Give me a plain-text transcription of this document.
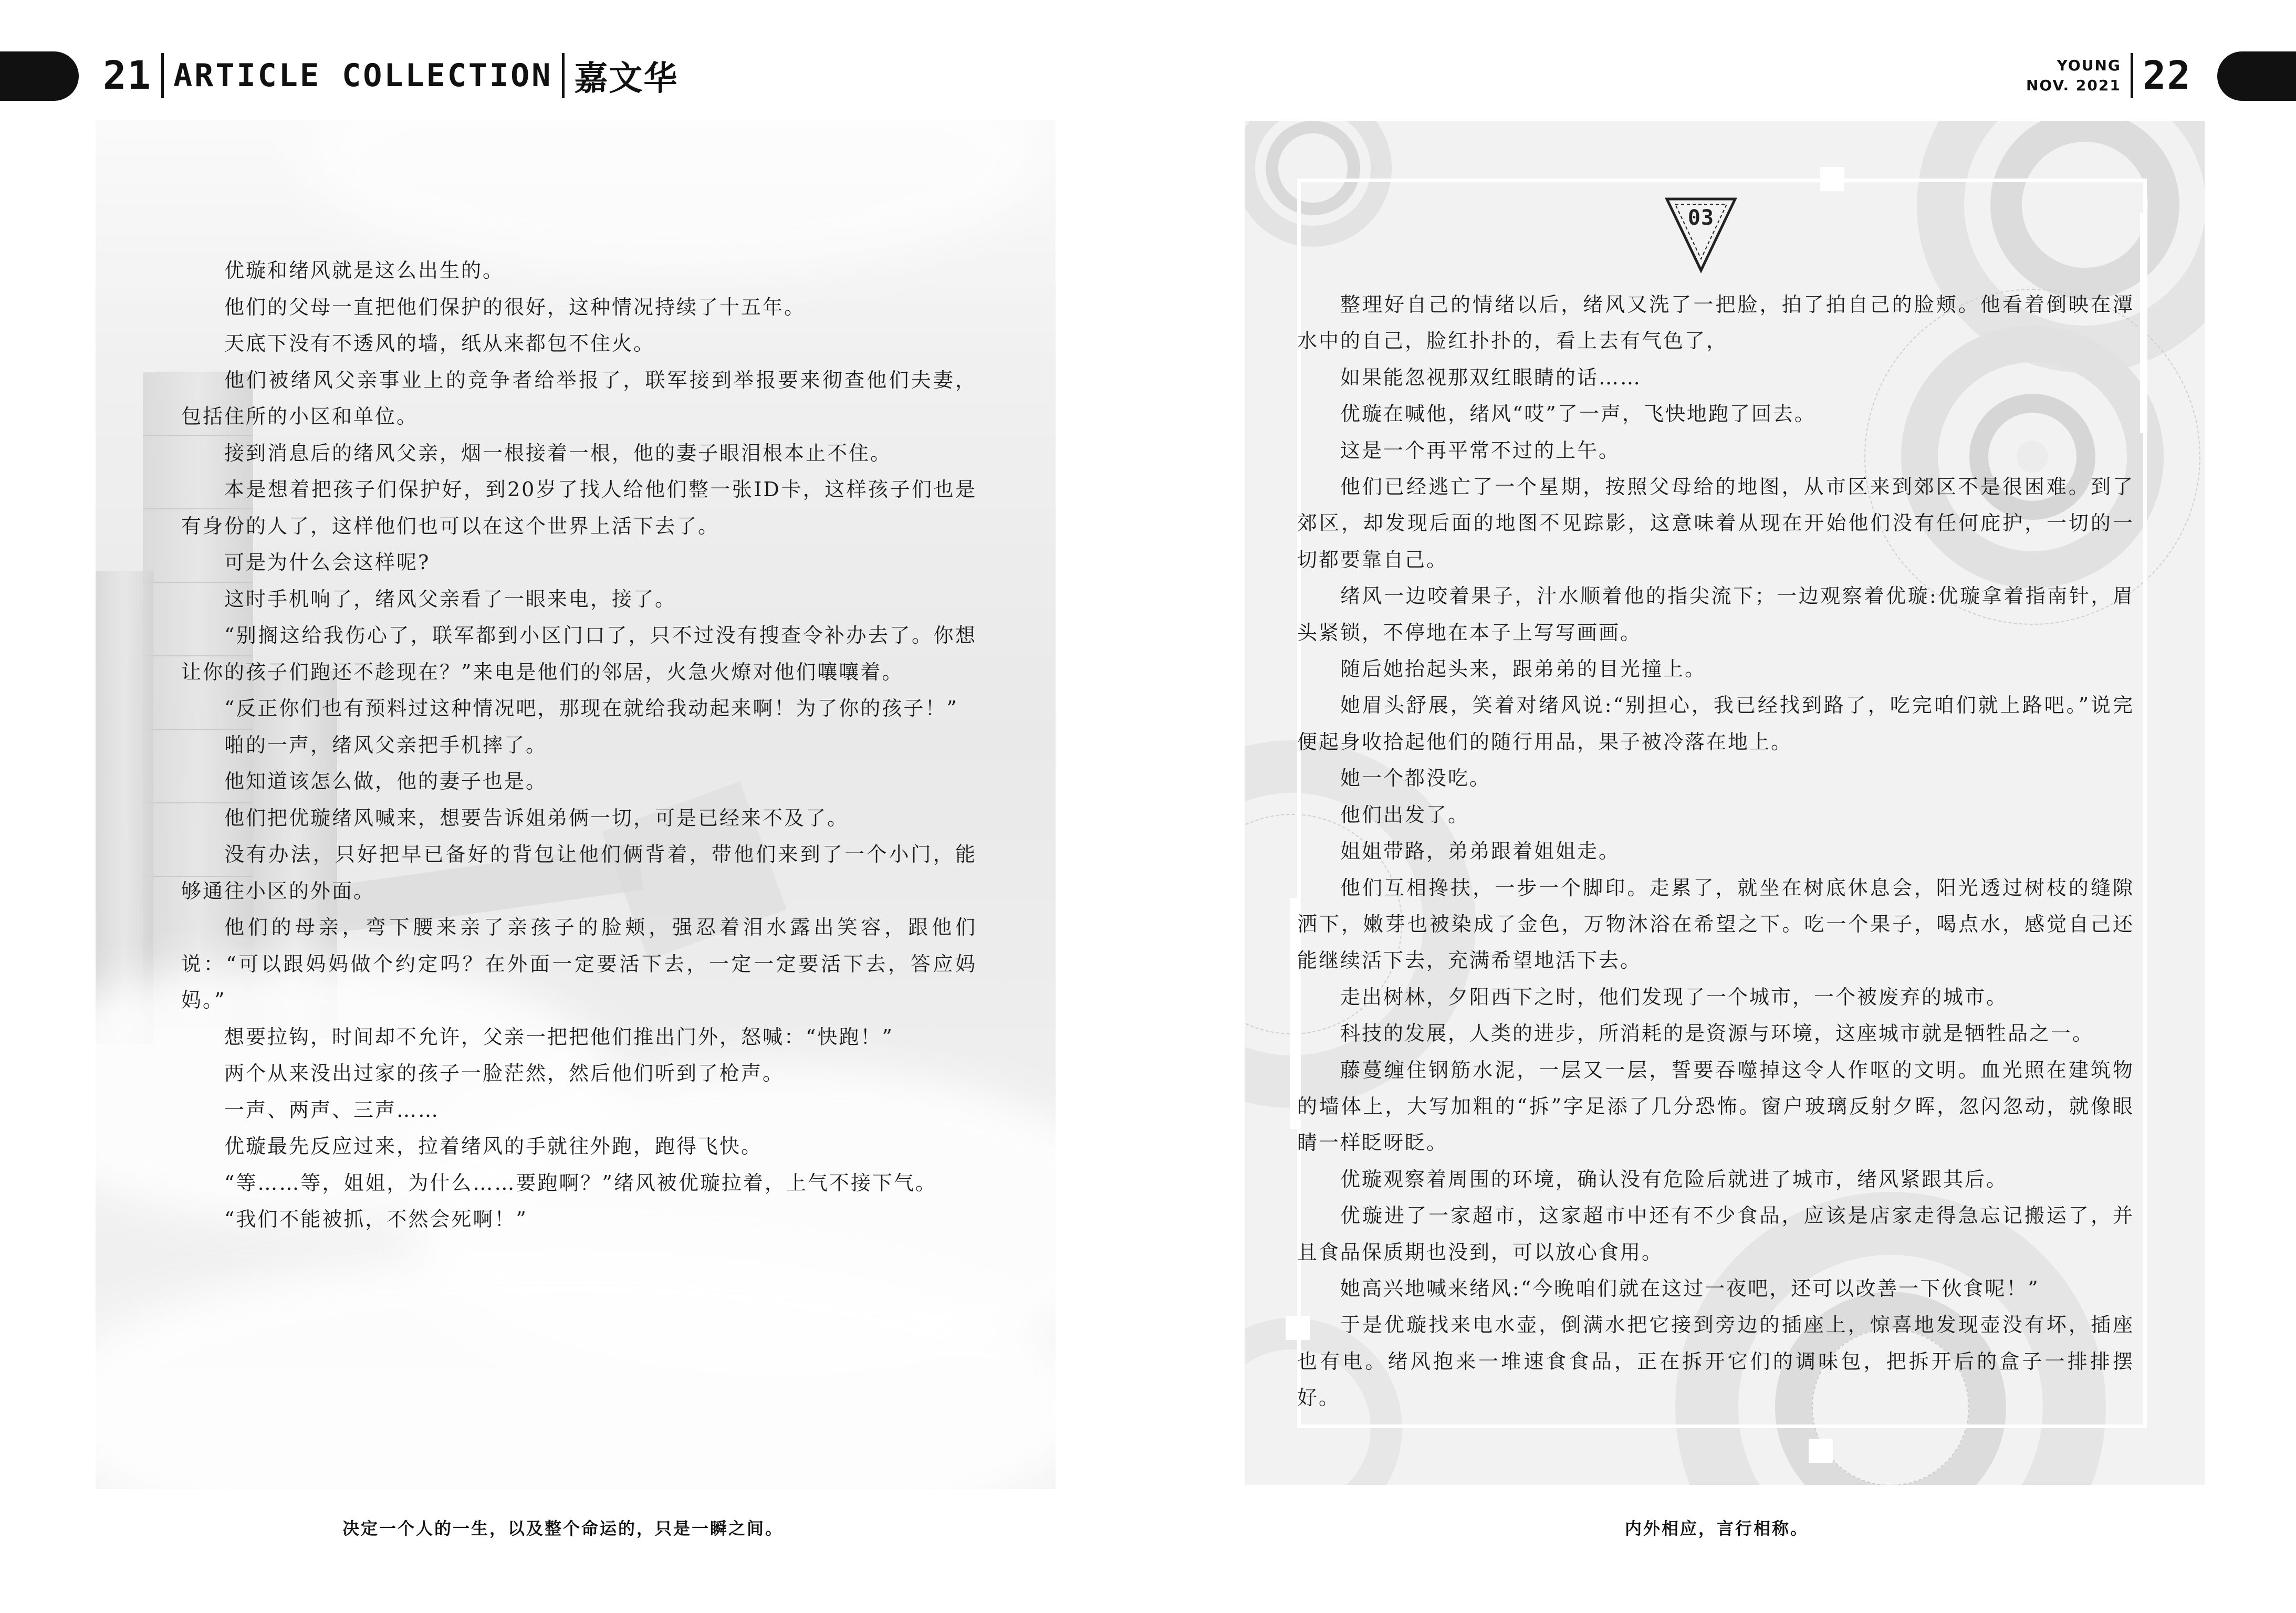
21 ARTICLE COLLECTION 嘉文华	YOUNG
NOV. 2021 22

优璇和绪风就是这么出生的。

他们的父母一直把他们保护的很好，这种情况持续了十五年。

天底下没有不透风的墙，纸从来都包不住火。

他们被绪风父亲事业上的竞争者给举报了，联军接到举报要来彻查他们夫妻，包括住所的小区和单位。

接到消息后的绪风父亲，烟一根接着一根，他的妻子眼泪根本止不住。

本是想着把孩子们保护好，到20岁了找人给他们整一张ID卡，这样孩子们也是有身份的人了，这样他们也可以在这个世界上活下去了。

可是为什么会这样呢?

这时手机响了，绪风父亲看了一眼来电，接了。

“别搁这给我伤心了，联军都到小区门口了，只不过没有搜查令补办去了。你想让你的孩子们跑还不趁现在？”来电是他们的邻居，火急火燎对他们嚷嚷着。

“反正你们也有预料过这种情况吧，那现在就给我动起来啊！为了你的孩子！”

啪的一声，绪风父亲把手机摔了。

他知道该怎么做，他的妻子也是。

他们把优璇绪风喊来，想要告诉姐弟俩一切，可是已经来不及了。

没有办法，只好把早已备好的背包让他们俩背着，带他们来到了一个小门，能够通往小区的外面。

他们的母亲，弯下腰来亲了亲孩子的脸颊，强忍着泪水露出笑容，跟他们说：“可以跟妈妈做个约定吗？在外面一定要活下去，一定一定要活下去，答应妈妈。”

想要拉钩，时间却不允许，父亲一把把他们推出门外，怒喊：“快跑！”

两个从来没出过家的孩子一脸茫然，然后他们听到了枪声。

一声、两声、三声……

优璇最先反应过来，拉着绪风的手就往外跑，跑得飞快。

“等……等，姐姐，为什么……要跑啊？”绪风被优璇拉着，上气不接下气。

“我们不能被抓，不然会死啊！”

03

整理好自己的情绪以后，绪风又洗了一把脸，拍了拍自己的脸颊。他看着倒映在潭水中的自己，脸红扑扑的，看上去有气色了，

如果能忽视那双红眼睛的话……

优璇在喊他，绪风“哎”了一声，飞快地跑了回去。

这是一个再平常不过的上午。

他们已经逃亡了一个星期，按照父母给的地图，从市区来到郊区不是很困难。到了郊区，却发现后面的地图不见踪影，这意味着从现在开始他们没有任何庇护，一切的一切都要靠自己。

绪风一边咬着果子，汁水顺着他的指尖流下；一边观察着优璇:优璇拿着指南针，眉头紧锁，不停地在本子上写写画画。

随后她抬起头来，跟弟弟的目光撞上。

她眉头舒展，笑着对绪风说:“别担心，我已经找到路了，吃完咱们就上路吧。”说完便起身收拾起他们的随行用品，果子被冷落在地上。

她一个都没吃。

他们出发了。

姐姐带路，弟弟跟着姐姐走。

他们互相搀扶，一步一个脚印。走累了，就坐在树底休息会，阳光透过树枝的缝隙洒下，嫩芽也被染成了金色，万物沐浴在希望之下。吃一个果子，喝点水，感觉自己还能继续活下去，充满希望地活下去。

走出树林，夕阳西下之时，他们发现了一个城市，一个被废弃的城市。

科技的发展，人类的进步，所消耗的是资源与环境，这座城市就是牺牲品之一。

藤蔓缠住钢筋水泥，一层又一层，誓要吞噬掉这令人作呕的文明。血光照在建筑物的墙体上，大写加粗的“拆”字足添了几分恐怖。窗户玻璃反射夕晖，忽闪忽动，就像眼睛一样眨呀眨。

优璇观察着周围的环境，确认没有危险后就进了城市，绪风紧跟其后。

优璇进了一家超市，这家超市中还有不少食品，应该是店家走得急忘记搬运了，并且食品保质期也没到，可以放心食用。

她高兴地喊来绪风:“今晚咱们就在这过一夜吧，还可以改善一下伙食呢！”

于是优璇找来电水壶，倒满水把它接到旁边的插座上，惊喜地发现壶没有坏，插座也有电。绪风抱来一堆速食食品，正在拆开它们的调味包，把拆开后的盒子一排排摆好。

决定一个人的一生，以及整个命运的，只是一瞬之间。	内外相应，言行相称。
